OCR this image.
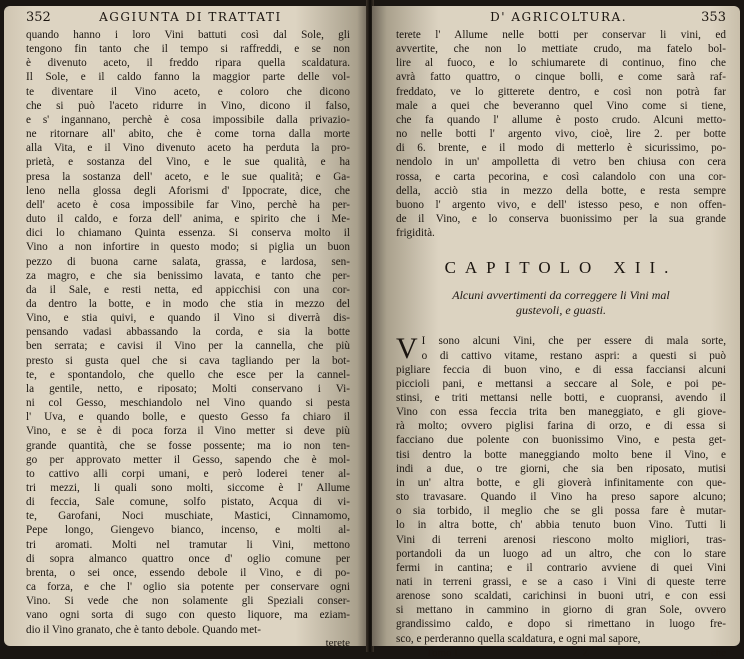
352	AGGIUNTA DI TRATTATI
quando hanno i loro Vini battuti così dal Sole, gli
tengono fin tanto che il tempo si raffreddi, e se non
è divenuto aceto, il freddo ripara quella scaldatura.
Il Sole, e il caldo fanno la maggior parte delle vol-
te diventare il Vino aceto, e coloro che dicono
che si può l'aceto ridurre in Vino, dicono il falso,
e s' ingannano, perchè è cosa impossibile dalla privazio-
ne ritornare all' abito, che è come torna dalla morte
alla Vita, e il Vino divenuto aceto ha perduta la pro-
prietà, e sostanza del Vino, e le sue qualità, e ha
presa la sostanza dell' aceto, e le sue qualità; e Ga-
leno nella glossa degli Aforismi d' Ippocrate, dice, che
dell' aceto è cosa impossibile far Vino, perchè ha per-
duto il caldo, e forza dell' anima, e spirito che i Me-
dici lo chiamano Quinta essenza. Si conserva molto il
Vino a non infortire in questo modo; si piglia un buon
pezzo di buona carne salata, grassa, e lardosa, sen-
za magro, e che sia benissimo lavata, e tanto che per-
da il Sale, e resti netta, ed appicchisi con una cor-
da dentro la botte, e in modo che stia in mezzo del
Vino, e stia quivi, e quando il Vino si diverrà dis-
pensando vadasi abbassando la corda, e sia la botte
ben serrata; e cavisi il Vino per la cannella, che più
presto si gusta quel che si cava tagliando per la bot-
te, e spontandolo, che quello che esce per la cannel-
la gentile, netto, e riposato; Molti conservano i Vi-
ni col Gesso, meschiandolo nel Vino quando si pesta
l' Uva, e quando bolle, e questo Gesso fa chiaro il
Vino, e se è di poca forza il Vino metter si deve più
grande quantità, che se fosse possente; ma io non ten-
go per approvato metter il Gesso, sapendo che è mol-
to cattivo alli corpi umani, e però loderei tener al-
tri mezzi, li quali sono molti, siccome è l' Allume
di feccia, Sale comune, solfo pistato, Acqua di vi-
te, Garofani, Noci muschiate, Mastici, Cinnamomo,
Pepe longo, Giengevo bianco, incenso, e molti al-
tri aromati. Molti nel tramutar li Vini, mettono
di sopra almanco quattro once d' oglio comune per
brenta, o sei once, essendo debole il Vino, e di po-
ca forza, e che l' oglio sia potente per conservare ogni
Vino. Si vede che non solamente gli Speziali conser-
vano ogni sorta di sugo con questo liquore, ma eziam-
dio il Vino granato, che è tanto debole. Quando met-
terete
D' AGRICOLTURA.	353
terete l' Allume nelle botti per conservar li vini, ed
avvertite, che non lo mettiate crudo, ma fatelo bol-
lire al fuoco, e lo schiumarete di continuo, fino che
avrà fatto quattro, o cinque bolli, e come sarà raf-
freddato, ve lo gitterete dentro, e così non potrà far
male a quei che beveranno quel Vino come si tiene,
che fa quando l' allume è posto crudo. Alcuni metto-
no nelle botti l' argento vivo, cioè, lire 2. per botte
di 6. brente, e il modo di metterlo è sicurissimo, po-
nendolo in un' ampolletta di vetro ben chiusa con cera
rossa, e carta pecorina, e così calandolo con una cor-
della, acciò stia in mezzo della botte, e resta sempre
buono l' argento vivo, e dell' istesso peso, e non offen-
de il Vino, e lo conserva buonissimo per la sua grande
frigidità.
CAPITOLO XII.
Alcuni avvertimenti da correggere li Vini mal
gustevoli, e guasti.
V I sono alcuni Vini, che per essere di mala sorte,
o di cattivo vitame, restano aspri: a questi si può
pigliare feccia di buon vino, e di essa facciansi alcuni
piccioli pani, e mettansi a seccare al Sole, e poi pe-
stinsi, e triti mettansi nelle botti, e cuopransi, avendo il
Vino con essa feccia trita ben maneggiato, e gli giove-
rà molto; ovvero piglisi farina di orzo, e di essa si
facciano due polente con buonissimo Vino, e pesta get-
tisi dentro la botte maneggiando molto bene il Vino, e
indi a due, o tre giorni, che sia ben riposato, mutisi
in un' altra botte, e gli gioverà infinitamente con que-
sto travasare. Quando il Vino ha preso sapore alcuno;
o sia torbido, il meglio che se gli possa fare è mutar-
lo in altra botte, ch' abbia tenuto buon Vino. Tutti li
Vini di terreni arenosi riescono molto migliori, tras-
portandoli da un luogo ad un altro, che con lo stare
fermi in cantina; e il contrario avviene di quei Vini
nati in terreni grassi, e se a caso i Vini di queste terre
arenose sono scaldati, carichinsi in buoni utri, e con essi
si mettano in cammino in giorno di gran Sole, ovvero
grandissimo caldo, e dopo si rimettano in luogo fre-
sco, e perderanno quella scaldatura, e ogni mal sapore,
Tomo I.	Z	che
